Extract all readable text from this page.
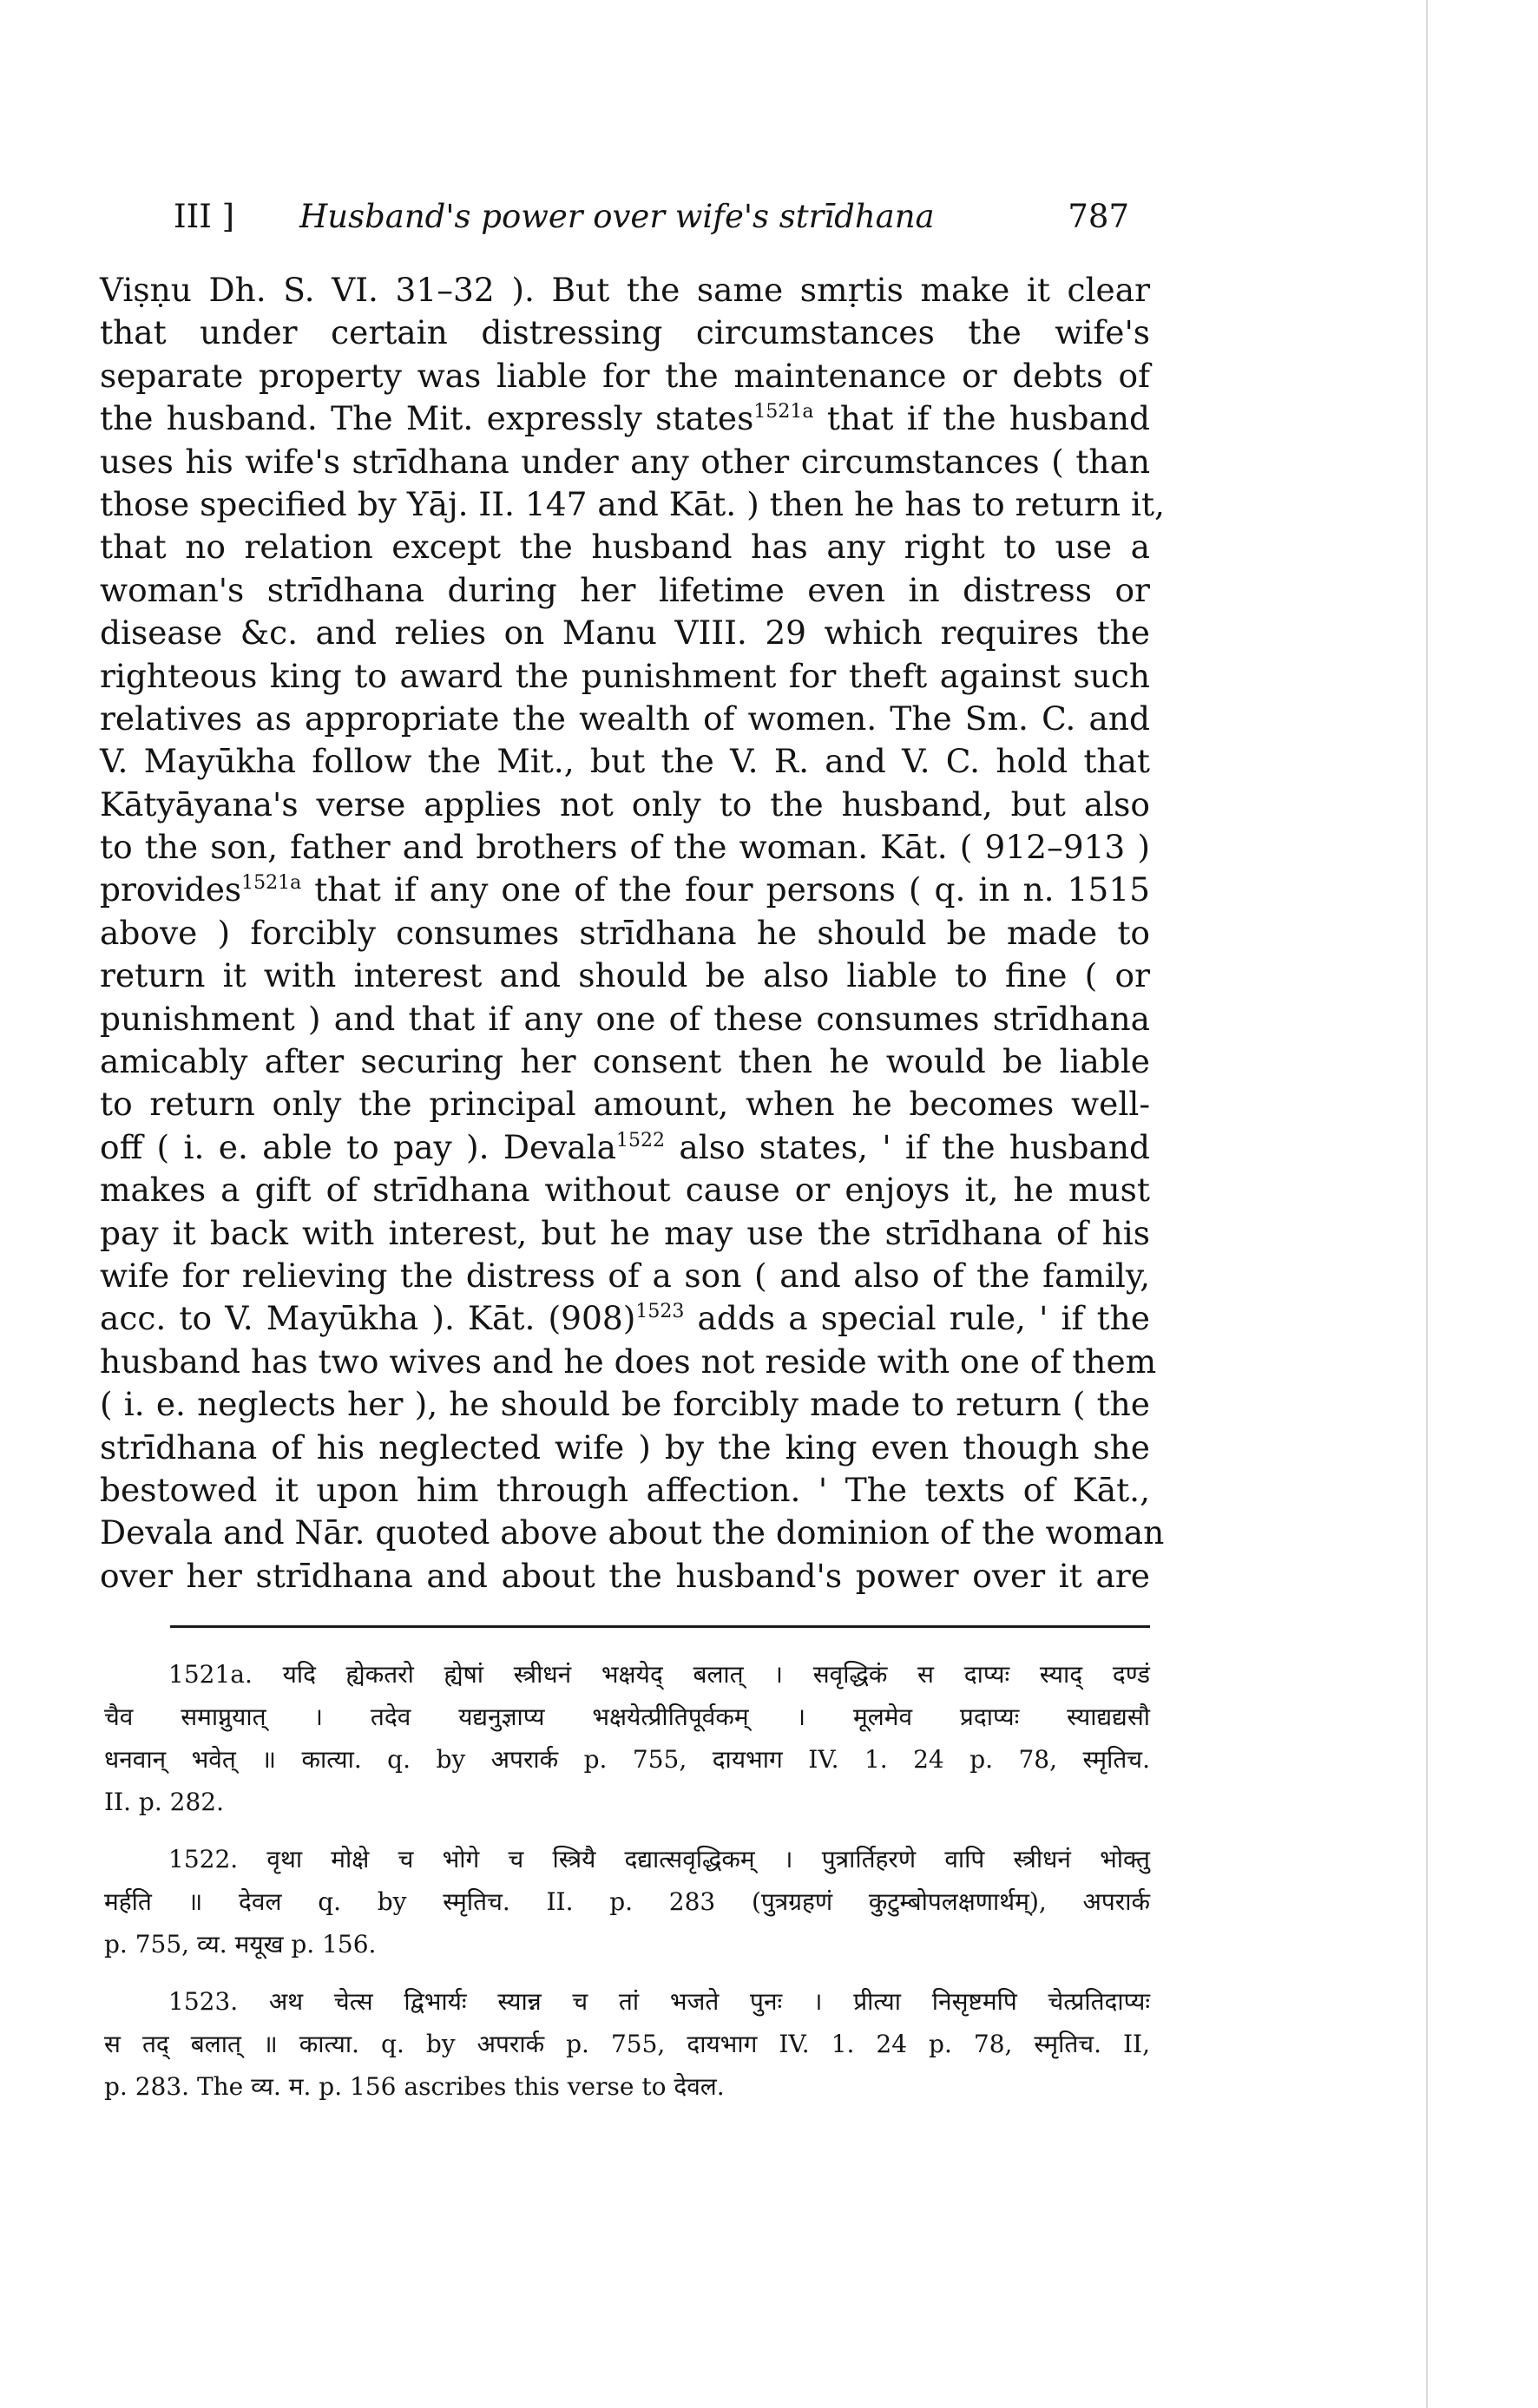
III ] Husband's power over wife's strīdhana	787
Viṣṇu Dh. S. VI. 31–32 ). But the same smṛtis make it clear
that under certain distressing circumstances the wife's
separate property was liable for the maintenance or debts of
the husband. The Mit. expressly states$^{1521a}$ that if the husband
uses his wife's strīdhana under any other circumstances ( than
those specified by Yāj. II. 147 and Kāt. ) then he has to return it,
that no relation except the husband has any right to use a
woman's strīdhana during her lifetime even in distress or
disease &c. and relies on Manu VIII. 29 which requires the
righteous king to award the punishment for theft against such
relatives as appropriate the wealth of women. The Sm. C. and
V. Mayūkha follow the Mit., but the V. R. and V. C. hold that
Kātyāyana's verse applies not only to the husband, but also
to the son, father and brothers of the woman. Kāt. ( 912–913 )
provides$^{1521a}$ that if any one of the four persons ( q. in n. 1515
above ) forcibly consumes strīdhana he should be made to
return it with interest and should be also liable to fine ( or
punishment ) and that if any one of these consumes strīdhana
amicably after securing her consent then he would be liable
to return only the principal amount, when he becomes well-
off ( i. e. able to pay ). Devala$^{1522}$ also states, ' if the husband
makes a gift of strīdhana without cause or enjoys it, he must
pay it back with interest, but he may use the strīdhana of his
wife for relieving the distress of a son ( and also of the family,
acc. to V. Mayūkha ). Kāt. $(908)^{1523}$ adds a special rule, ' if the
husband has two wives and he does not reside with one of them
( i. e. neglects her ), he should be forcibly made to return ( the
strīdhana of his neglected wife ) by the king even though she
bestowed it upon him through affection. ' The texts of Kāt.,
Devala and Nār. quoted above about the dominion of the woman
over her strīdhana and about the husband's power over it are
1521a. यदि ह्येकतरो ह्येषां स्त्रीधनं भक्षयेद् बलात् । सवृद्धिकं स दाप्यः स्याद् दण्डं
चैव समाप्नुयात् । तदेव यद्यनुज्ञाप्य भक्षयेत्प्रीतिपूर्वकम् । मूलमेव प्रदाप्यः स्याद्यद्यसौ
धनवान् भवेत् ॥ कात्या. q. by अपरार्क p. 755, दायभाग IV. 1. 24 p. 78, स्मृतिच.
II. p. 282.
1522. वृथा मोक्षे च भोगे च स्त्रियै दद्यात्सवृद्धिकम् । पुत्रार्तिहरणे वापि स्त्रीधनं भोक्तु
मर्हति ॥ देवल q. by स्मृतिच. II. p. 283 (पुत्रग्रहणं कुटुम्बोपलक्षणार्थम्), अपरार्क
p. 755, व्य. मयूख p. 156.
1523. अथ चेत्स द्विभार्यः स्यान्न च तां भजते पुनः । प्रीत्या निसृष्टमपि चेत्प्रतिदाप्यः
स तद् बलात् ॥ कात्या. q. by अपरार्क p. 755, दायभाग IV. 1. 24 p. 78, स्मृतिच. II,
p. 283. The व्य. म. p. 156 ascribes this verse to देवल.
